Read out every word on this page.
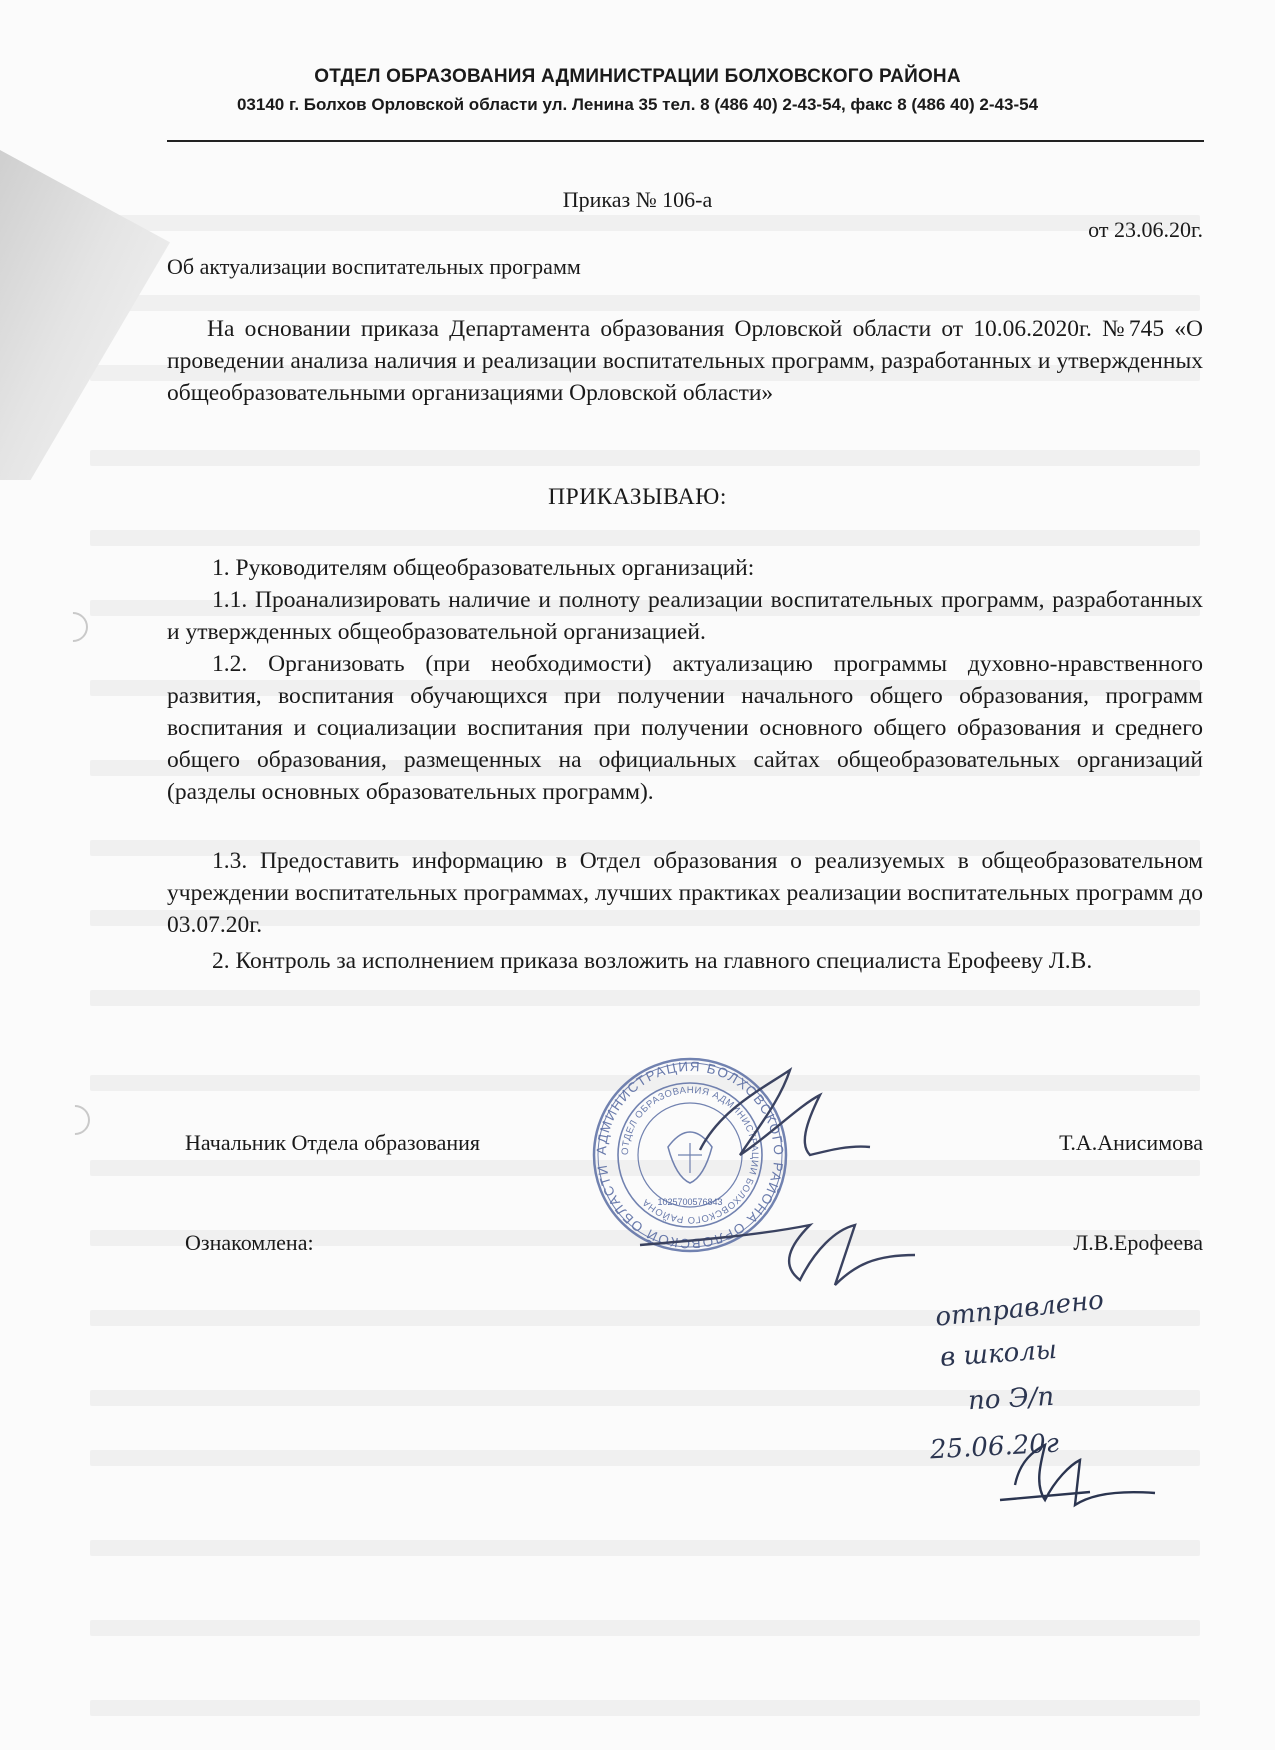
ОТДЕЛ ОБРАЗОВАНИЯ АДМИНИСТРАЦИИ БОЛХОВСКОГО РАЙОНА
03140 г. Болхов Орловской области ул. Ленина 35 тел. 8 (486 40) 2-43-54, факс 8 (486 40) 2-43-54
Приказ № 106-а
от 23.06.20г.
Об актуализации воспитательных программ
На основании приказа Департамента образования Орловской области от 10.06.2020г. №745 «О проведении анализа наличия и реализации воспитательных программ, разработанных и утвержденных общеобразовательными организациями Орловской области»
ПРИКАЗЫВАЮ:
1. Руководителям общеобразовательных организаций:
1.1. Проанализировать наличие и полноту реализации воспитательных программ, разработанных и утвержденных общеобразовательной организацией.
1.2. Организовать (при необходимости) актуализацию программы духовно-нравственного развития, воспитания обучающихся при получении начального общего образования, программ воспитания и социализации воспитания при получении основного общего образования и среднего общего образования, размещенных на официальных сайтах общеобразовательных организаций (разделы основных образовательных программ).
1.3. Предоставить информацию в Отдел образования о реализуемых в общеобразовательном учреждении воспитательных программах, лучших практиках реализации воспитательных программ до 03.07.20г.
2. Контроль за исполнением приказа возложить на главного специалиста Ерофееву Л.В.
Начальник Отдела образования	Т.А.Анисимова
Ознакомлена:	Л.В.Ерофеева
АДМИНИСТРАЦИЯ БОЛХОВСКОГО РАЙОНА ОРЛОВСКОЙ ОБЛАСТИ
ОТДЕЛ ОБРАЗОВАНИЯ АДМИНИСТРАЦИИ БОЛХОВСКОГО РАЙОНА 1025700576843
отправлено
в школы
по Э/п
25.06.20г
